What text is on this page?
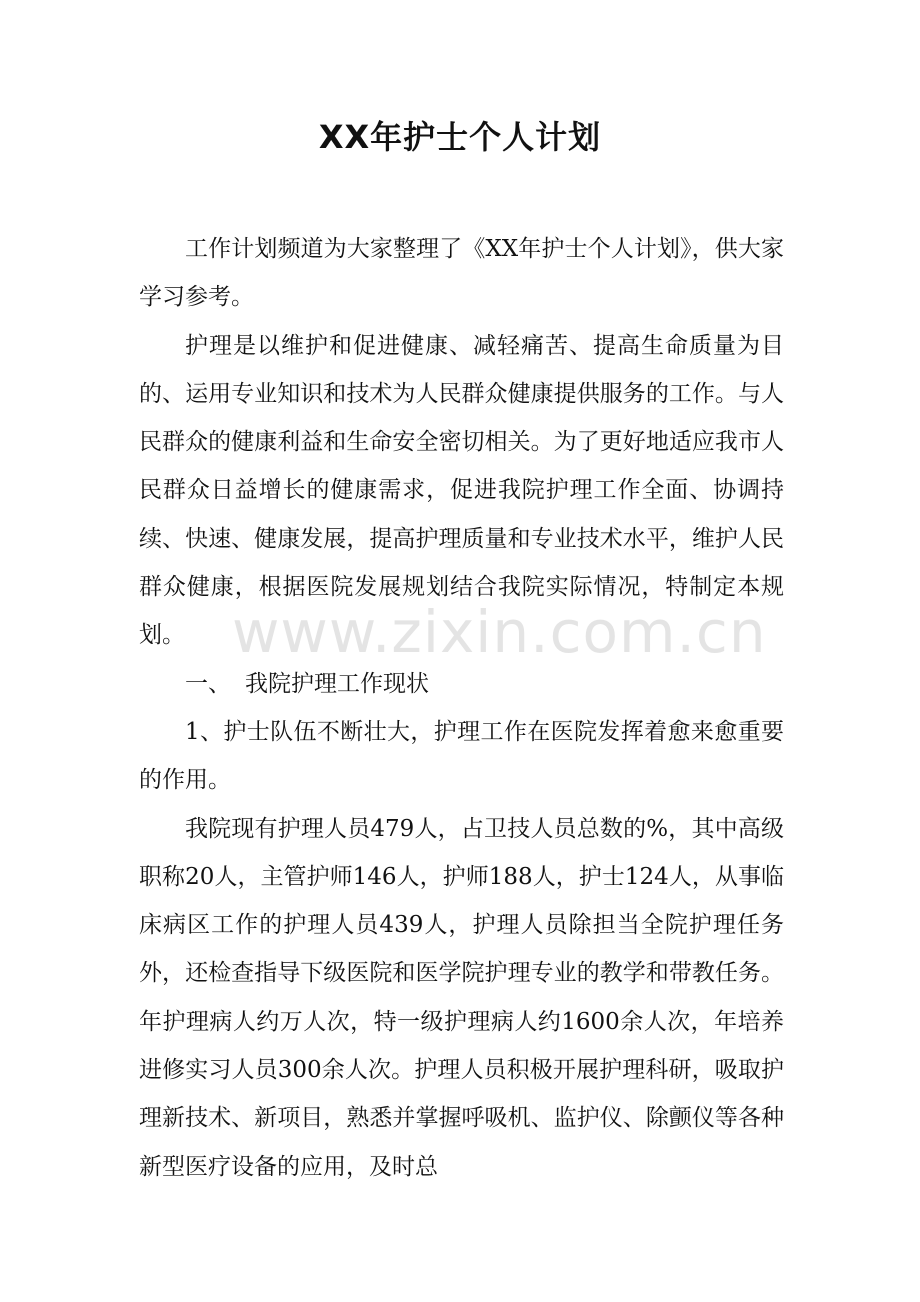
XX年护士个人计划

工作计划频道为大家整理了《XX年护士个人计划》，供大家学习参考。

护理是以维护和促进健康、减轻痛苦、提高生命质量为目的、运用专业知识和技术为人民群众健康提供服务的工作。与人民群众的健康利益和生命安全密切相关。为了更好地适应我市人民群众日益增长的健康需求，促进我院护理工作全面、协调持续、快速、健康发展，提高护理质量和专业技术水平，维护人民群众健康，根据医院发展规划结合我院实际情况，特制定本规划。

一、 我院护理工作现状

1、护士队伍不断壮大，护理工作在医院发挥着愈来愈重要的作用。

我院现有护理人员479人，占卫技人员总数的%，其中高级职称20人，主管护师146人，护师188人，护士124人，从事临床病区工作的护理人员439人，护理人员除担当全院护理任务外，还检查指导下级医院和医学院护理专业的教学和带教任务。年护理病人约万人次，特一级护理病人约1600余人次，年培养进修实习人员300余人次。护理人员积极开展护理科研，吸取护理新技术、新项目，熟悉并掌握呼吸机、监护仪、除颤仪等各种新型医疗设备的应用，及时总

www.zixin.com.cn
